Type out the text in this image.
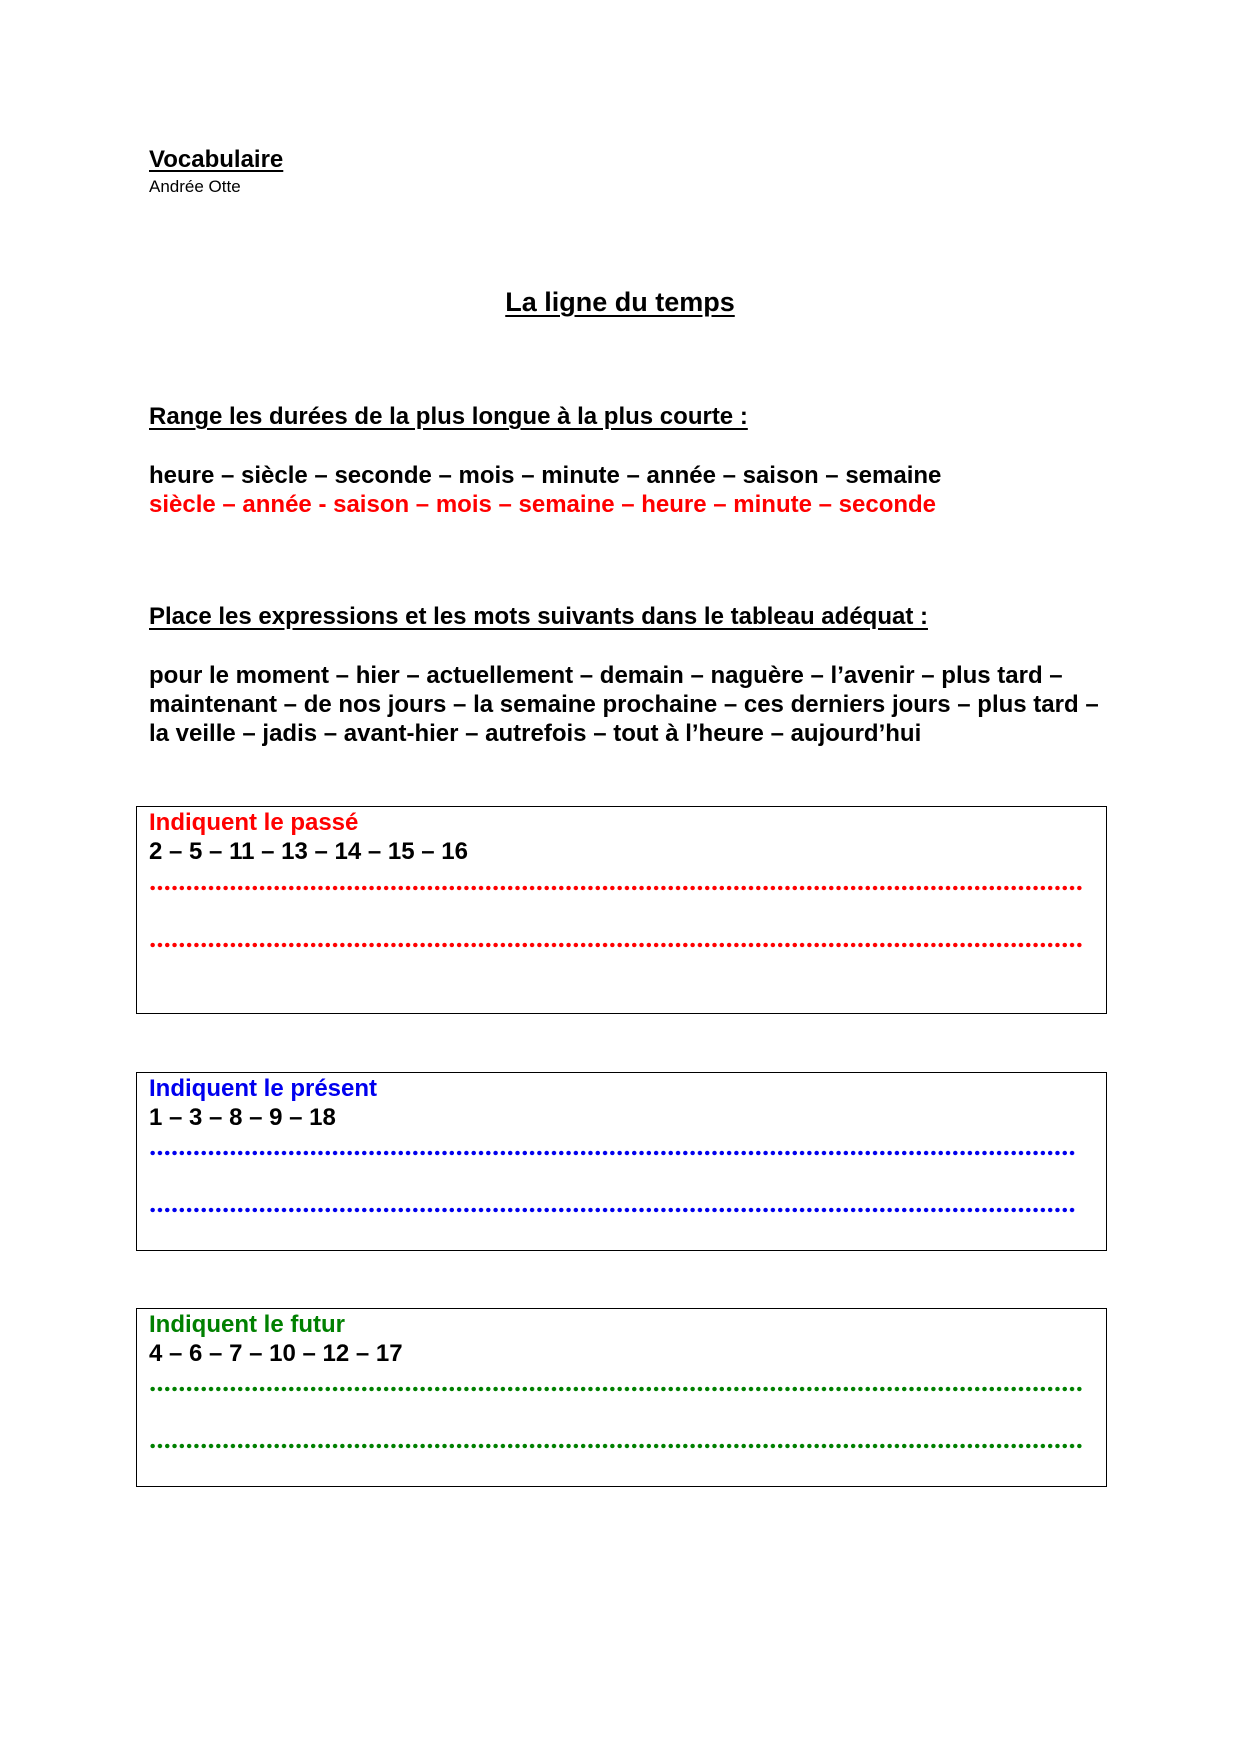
Vocabulaire
Andrée Otte
La ligne du temps
Range les durées de la plus longue à la plus courte :
heure – siècle – seconde – mois – minute – année – saison – semaine
siècle – année - saison – mois – semaine – heure – minute – seconde
Place les expressions et les mots suivants dans le tableau adéquat :
pour le moment – hier – actuellement – demain – naguère – l’avenir – plus tard – maintenant – de nos jours – la semaine prochaine – ces derniers jours – plus tard – la veille – jadis – avant-hier – autrefois – tout à l’heure – aujourd’hui
Indiquent le passé
2 – 5 – 11 – 13 – 14 – 15 – 16
Indiquent le présent
1 – 3 – 8 – 9 – 18
Indiquent le futur
4 – 6 – 7 – 10 – 12 – 17
